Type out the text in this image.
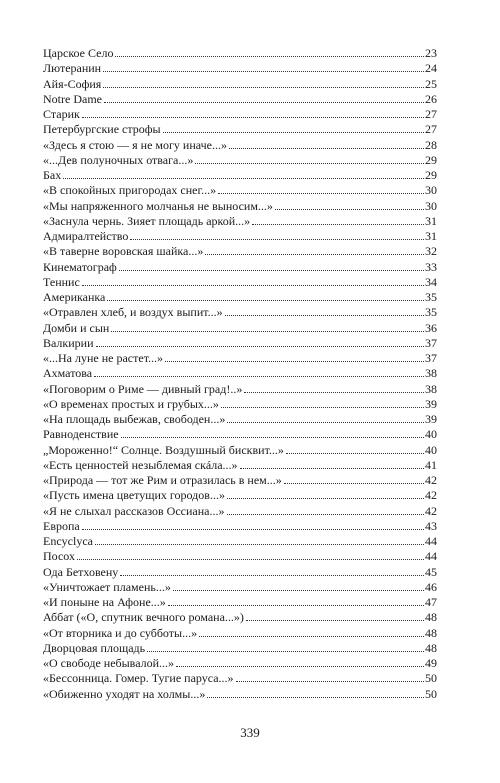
Царское Село	23
Лютеранин	24
Айя-София	25
Notre Dame	26
Старик	27
Петербургские строфы	27
«Здесь я стою — я не могу иначе...»	28
«...Дев полуночных отвага...»	29
Бах	29
«В спокойных пригородах снег...»	30
«Мы напряженного молчанья не выносим...»	30
«Заснула чернь. Зияет площадь аркой...»	31
Адмиралтейство	31
«В таверне воровская шайка...»	32
Кинематограф	33
Теннис	34
Американка	35
«Отравлен хлеб, и воздух выпит...»	35
Домби и сын	36
Валкирии	37
«...На луне не растет...»	37
Ахматова	38
«Поговорим о Риме — дивный град!..»	38
«О временах простых и грубых...»	39
«На площадь выбежав, свободен...»	39
Равноденствие	40
„Мороженно!“ Солнце. Воздушный бисквит...»	40
«Есть ценностей незыблемая скáла...»	41
«Природа — тот же Рим и отразилась в нем...»	42
«Пусть имена цветущих городов...»	42
«Я не слыхал рассказов Оссиана...»	42
Европа	43
Encyclyca	44
Посох	44
Ода Бетховену	45
«Уничтожает пламень...»	46
«И поныне на Афоне...»	47
Аббат («О, спутник вечного романа...»)	48
«От вторника и до субботы...»	48
Дворцовая площадь	48
«О свободе небывалой...»	49
«Бессонница. Гомер. Тугие паруса...»	50
«Обиженно уходят на холмы...»	50
339
